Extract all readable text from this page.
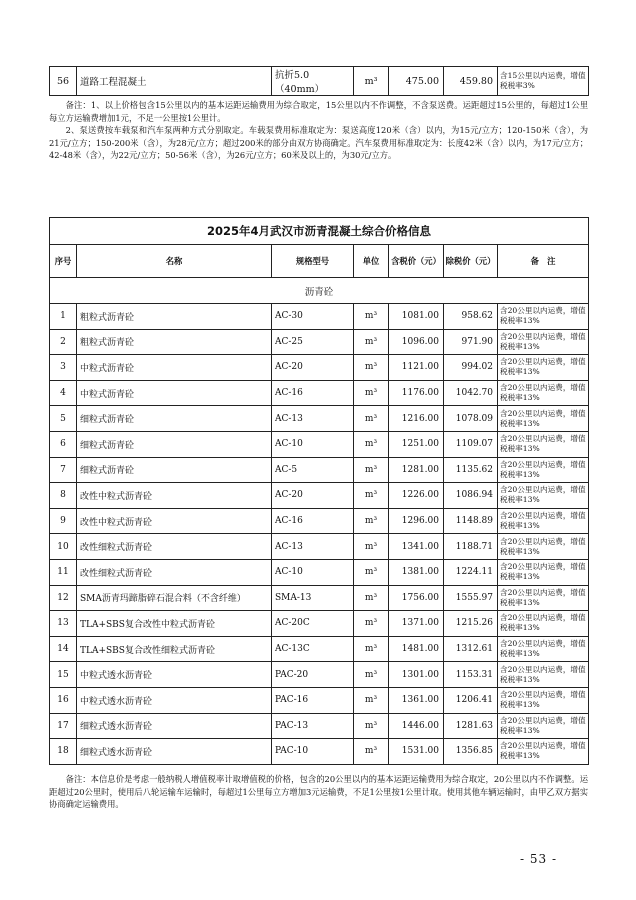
56	道路工程混凝土	抗折5.0（40mm）	m³	475.00	459.80	含15公里以内运费，增值税税率3%

备注：1、以上价格包含15公里以内的基本运距运输费用为综合取定，15公里以内不作调整，不含泵送费。运距超过15公里的，每超过1公里每立方运输费增加1元，不足一公里按1公里计。

2、泵送费按车载泵和汽车泵两种方式分别取定。车载泵费用标准取定为：泵送高度120米（含）以内，为15元/立方；120-150米（含），为21元/立方；150-200米（含），为28元/立方；超过200米的部分由双方协商确定。汽车泵费用标准取定为：长度42米（含）以内，为17元/立方；42-48米（含），为22元/立方；50-56米（含），为26元/立方；60米及以上的，为30元/立方。

2025年4月武汉市沥青混凝土综合价格信息						
序号	名称	规格型号	单位	含税价（元）	除税价（元）	备　注
沥青砼						
1	粗粒式沥青砼	AC-30	m³	1081.00	958.62	含20公里以内运费，增值税税率13%
2	粗粒式沥青砼	AC-25	m³	1096.00	971.90	含20公里以内运费，增值税税率13%
3	中粒式沥青砼	AC-20	m³	1121.00	994.02	含20公里以内运费，增值税税率13%
4	中粒式沥青砼	AC-16	m³	1176.00	1042.70	含20公里以内运费，增值税税率13%
5	细粒式沥青砼	AC-13	m³	1216.00	1078.09	含20公里以内运费，增值税税率13%
6	细粒式沥青砼	AC-10	m³	1251.00	1109.07	含20公里以内运费，增值税税率13%
7	细粒式沥青砼	AC-5	m³	1281.00	1135.62	含20公里以内运费，增值税税率13%
8	改性中粒式沥青砼	AC-20	m³	1226.00	1086.94	含20公里以内运费，增值税税率13%
9	改性中粒式沥青砼	AC-16	m³	1296.00	1148.89	含20公里以内运费，增值税税率13%
10	改性细粒式沥青砼	AC-13	m³	1341.00	1188.71	含20公里以内运费，增值税税率13%
11	改性细粒式沥青砼	AC-10	m³	1381.00	1224.11	含20公里以内运费，增值税税率13%
12	SMA沥青玛蹄脂碎石混合料（不含纤维）	SMA-13	m³	1756.00	1555.97	含20公里以内运费，增值税税率13%
13	TLA+SBS复合改性中粒式沥青砼	AC-20C	m³	1371.00	1215.26	含20公里以内运费，增值税税率13%
14	TLA+SBS复合改性细粒式沥青砼	AC-13C	m³	1481.00	1312.61	含20公里以内运费，增值税税率13%
15	中粒式透水沥青砼	PAC-20	m³	1301.00	1153.31	含20公里以内运费，增值税税率13%
16	中粒式透水沥青砼	PAC-16	m³	1361.00	1206.41	含20公里以内运费，增值税税率13%
17	细粒式透水沥青砼	PAC-13	m³	1446.00	1281.63	含20公里以内运费，增值税税率13%
18	细粒式透水沥青砼	PAC-10	m³	1531.00	1356.85	含20公里以内运费，增值税税率13%

备注：本信息价是考虑一般纳税人增值税率计取增值税的价格，包含的20公里以内的基本运距运输费用为综合取定，20公里以内不作调整。运距超过20公里时，使用后八轮运输车运输时，每超过1公里每立方增加3元运输费，不足1公里按1公里计取。使用其他车辆运输时，由甲乙双方据实协商确定运输费用。

- 53 -
